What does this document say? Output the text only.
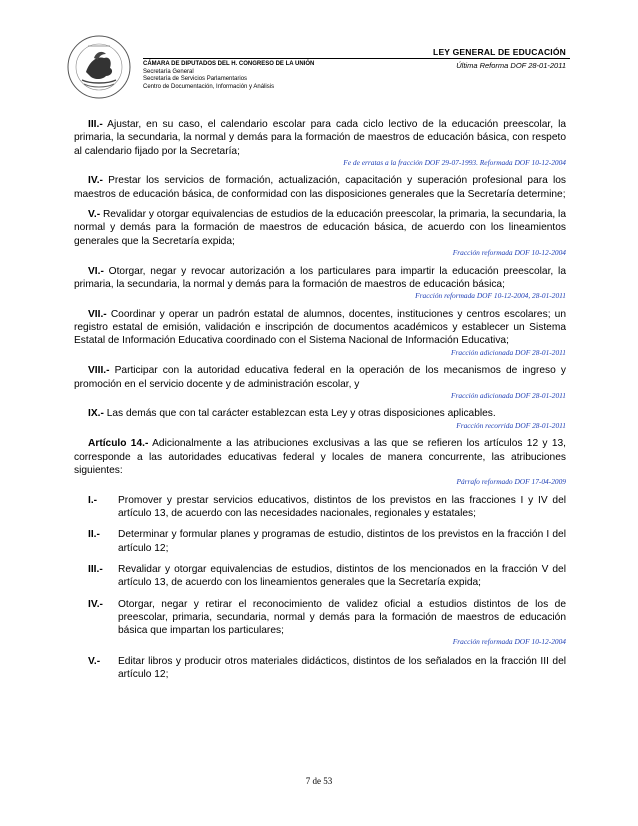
LEY GENERAL DE EDUCACIÓN
CÁMARA DE DIPUTADOS DEL H. CONGRESO DE LA UNIÓN
Secretaría General
Secretaría de Servicios Parlamentarios
Centro de Documentación, Información y Análisis
Última Reforma DOF 28-01-2011

III.- Ajustar, en su caso, el calendario escolar para cada ciclo lectivo de la educación preescolar, la primaria, la secundaria, la normal y demás para la formación de maestros de educación básica, con respeto al calendario fijado por la Secretaría;

Fe de erratas a la fracción DOF 29-07-1993. Reformada DOF 10-12-2004

IV.- Prestar los servicios de formación, actualización, capacitación y superación profesional para los maestros de educación básica, de conformidad con las disposiciones generales que la Secretaría determine;

V.- Revalidar y otorgar equivalencias de estudios de la educación preescolar, la primaria, la secundaria, la normal y demás para la formación de maestros de educación básica, de acuerdo con los lineamientos generales que la Secretaría expida;

Fracción reformada DOF 10-12-2004

VI.- Otorgar, negar y revocar autorización a los particulares para impartir la educación preescolar, la primaria, la secundaria, la normal y demás para la formación de maestros de educación básica;

Fracción reformada DOF 10-12-2004, 28-01-2011

VII.- Coordinar y operar un padrón estatal de alumnos, docentes, instituciones y centros escolares; un registro estatal de emisión, validación e inscripción de documentos académicos y establecer un Sistema Estatal de Información Educativa coordinado con el Sistema Nacional de Información Educativa;

Fracción adicionada DOF 28-01-2011

VIII.- Participar con la autoridad educativa federal en la operación de los mecanismos de ingreso y promoción en el servicio docente y de administración escolar, y

Fracción adicionada DOF 28-01-2011

IX.- Las demás que con tal carácter establezcan esta Ley y otras disposiciones aplicables.

Fracción recorrida DOF 28-01-2011

Artículo 14.- Adicionalmente a las atribuciones exclusivas a las que se refieren los artículos 12 y 13, corresponde a las autoridades educativas federal y locales de manera concurrente, las atribuciones siguientes:

Párrafo reformado DOF 17-04-2009
I.-	Promover y prestar servicios educativos, distintos de los previstos en las fracciones I y IV del artículo 13, de acuerdo con las necesidades nacionales, regionales y estatales;
II.-	Determinar y formular planes y programas de estudio, distintos de los previstos en la fracción I del artículo 12;
III.-	Revalidar y otorgar equivalencias de estudios, distintos de los mencionados en la fracción V del artículo 13, de acuerdo con los lineamientos generales que la Secretaría expida;
IV.-	Otorgar, negar y retirar el reconocimiento de validez oficial a estudios distintos de los de preescolar, primaria, secundaria, normal y demás para la formación de maestros de educación básica que impartan los particulares;
Fracción reformada DOF 10-12-2004
V.-	Editar libros y producir otros materiales didácticos, distintos de los señalados en la fracción III del artículo 12;
7 de 53
